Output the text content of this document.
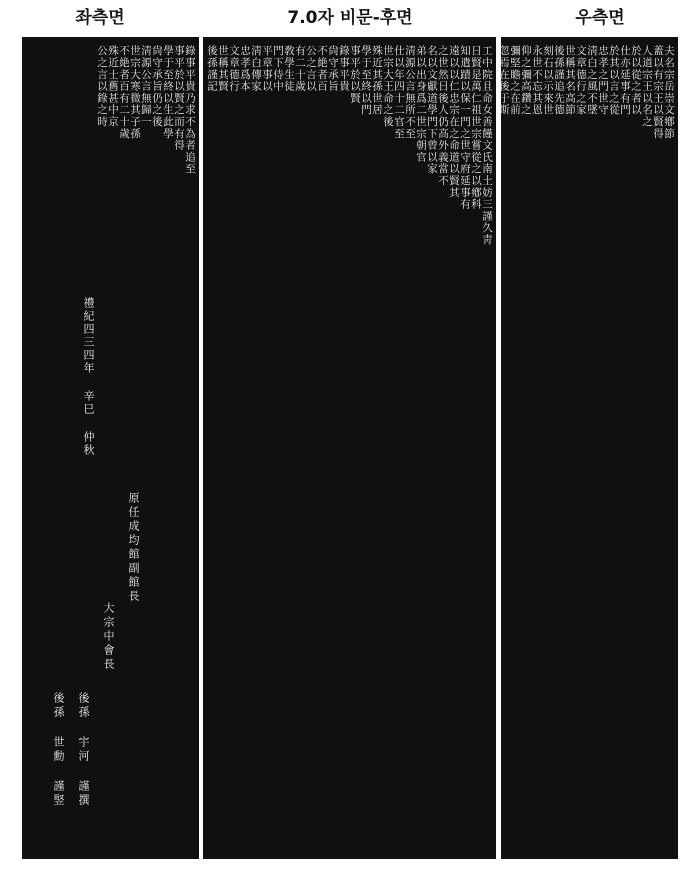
좌측면	7.0자 비문-후면	우측면
錄事平貴乃求不為者追至
事平於以賢之而有得
學于至終以生此學
尙守承旨仍之後
淸源公言無歸一
世宗大寒微其子孫
不絶者百有二十歲
殊近士舊甚中京
公之言以錄之時
禮紀四三四年 辛巳 仲秋
原任成均館副館長
大宗中會長
後孫 宇河 謹撰
後孫 世勳 謹竪
工中院且命女善饉文氏南土妨三謹久靑
日賢是萬仁祖世宗嘗從之以鄕科
知遣蹟以保一門之世守府延事有
遠以以仁忠宗在之命道以賢其
之世然日後人仍高外義當不
名以文獻道學門下曾以家
弟以出身爲二世宗朝官
淸源公言無所不至
仕以年四十二官至
世宗大王命之後
殊近其孫世居
學于至終以門
事平於以賢
錄事平貴
尙守承旨
不絶者百
公之言以
有二十歲
敎學生徒
門下侍中
平章事以
淸白傳家
忠孝爲本
文章德行
世稱其賢
後孫謹記	夫名宗岳崇文鄕節
蓋以有宗王以賢得
人道宗王以名之
於以從之者以
仕亦延事有門
於其以言之從
忠孝之門世守
淸白之風不墜
文章德行之家
世稱其名高節
後孫謹追先德
刻石以示來世
永世不忘其恩
仰之彌高鑽之
彌堅瞻之在前
忽焉在後于斯
